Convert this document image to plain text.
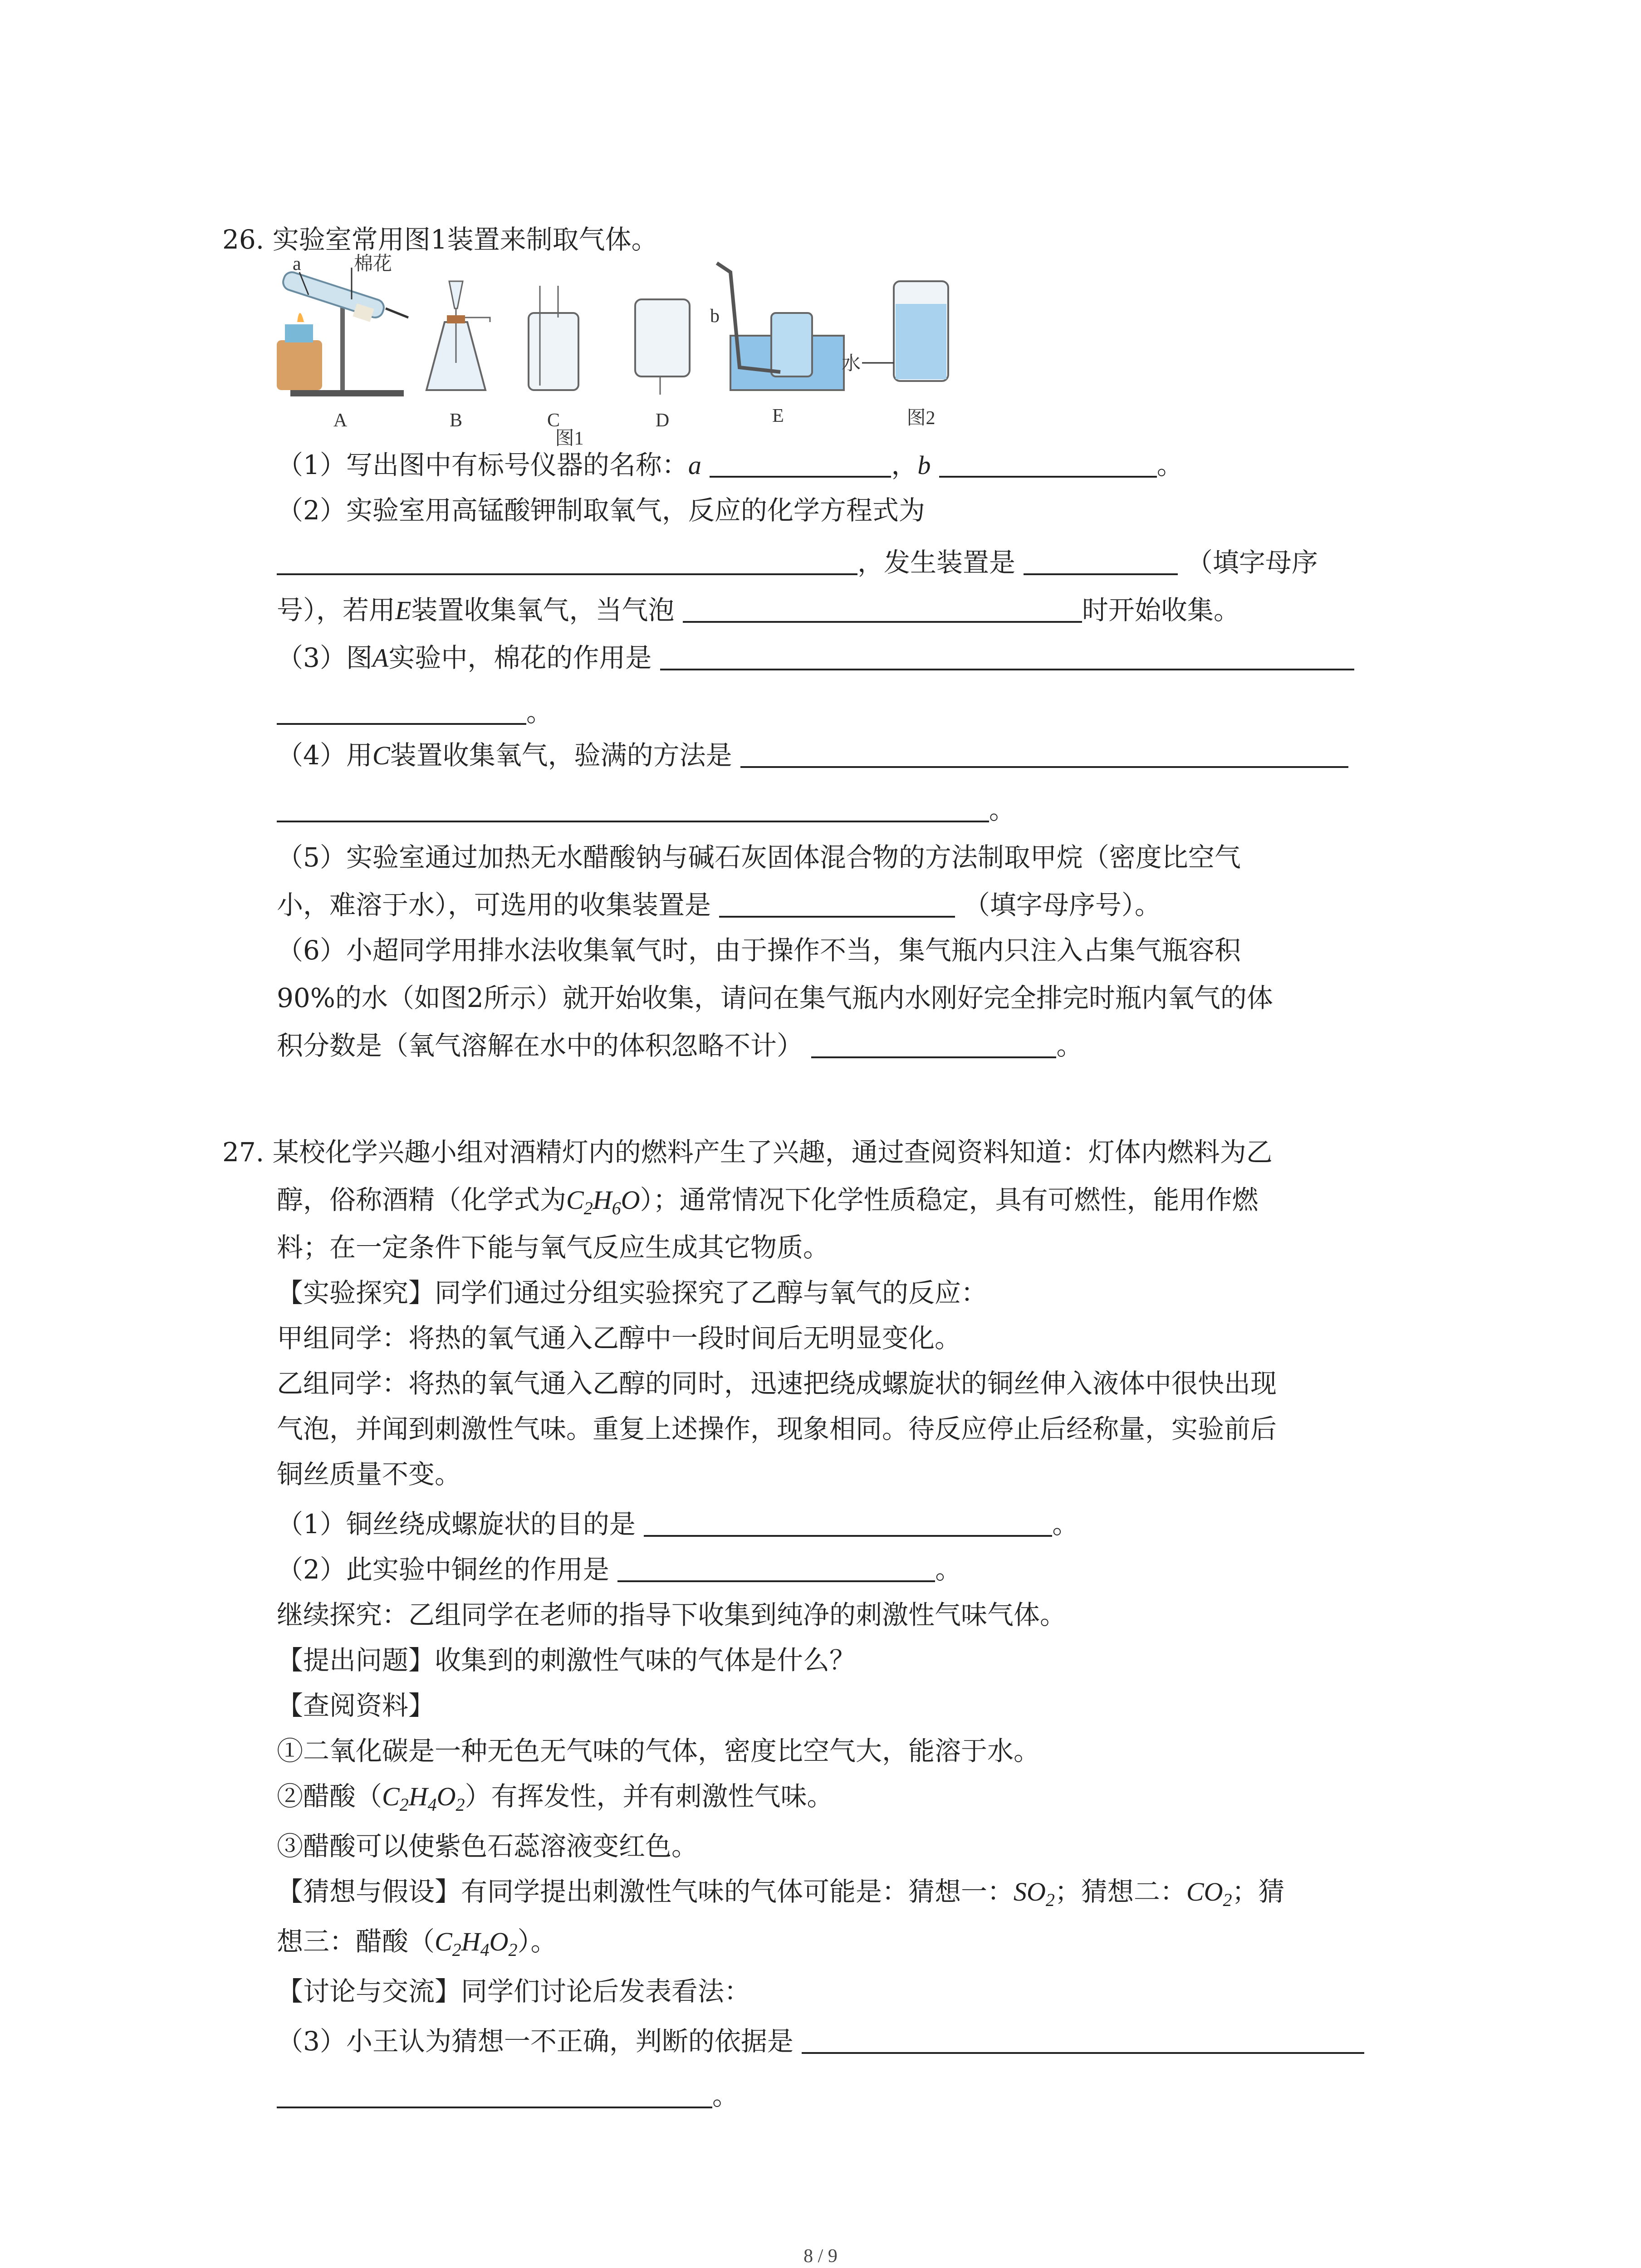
26. 实验室常用图1装置来制取气体。
a	棉花
A	B	C	D
b
E
图1
水
图2
（1）写出图中有标号仪器的名称：a	，b	。
（2）实验室用高锰酸钾制取氧气，反应的化学方程式为
，发生装置是	（填字母序
号），若用E装置收集氧气，当气泡	时开始收集。
（3）图A实验中，棉花的作用是
。
（4）用C装置收集氧气，验满的方法是
。
（5）实验室通过加热无水醋酸钠与碱石灰固体混合物的方法制取甲烷（密度比空气
小，难溶于水），可选用的收集装置是	（填字母序号）。
（6）小超同学用排水法收集氧气时，由于操作不当，集气瓶内只注入占集气瓶容积
90%的水（如图2所示）就开始收集，请问在集气瓶内水刚好完全排完时瓶内氧气的体
积分数是（氧气溶解在水中的体积忽略不计）	。
27. 某校化学兴趣小组对酒精灯内的燃料产生了兴趣，通过查阅资料知道：灯体内燃料为乙
醇，俗称酒精（化学式为$C_2H_6O$）；通常情况下化学性质稳定，具有可燃性，能用作燃
料；在一定条件下能与氧气反应生成其它物质。
【实验探究】同学们通过分组实验探究了乙醇与氧气的反应：
甲组同学：将热的氧气通入乙醇中一段时间后无明显变化。
乙组同学：将热的氧气通入乙醇的同时，迅速把绕成螺旋状的铜丝伸入液体中很快出现
气泡，并闻到刺激性气味。重复上述操作，现象相同。待反应停止后经称量，实验前后
铜丝质量不变。
（1）铜丝绕成螺旋状的目的是	。
（2）此实验中铜丝的作用是	。
继续探究：乙组同学在老师的指导下收集到纯净的刺激性气味气体。
【提出问题】收集到的刺激性气味的气体是什么？
【查阅资料】
①二氧化碳是一种无色无气味的气体，密度比空气大，能溶于水。
②醋酸$(C_2H_4O_2)$有挥发性，并有刺激性气味。
③醋酸可以使紫色石蕊溶液变红色。
【猜想与假设】有同学提出刺激性气味的气体可能是：猜想一：$SO_2$；猜想二：$CO_2$；猜
想三：醋酸$(C_2H_4O_2)$。
【讨论与交流】同学们讨论后发表看法：
（3）小王认为猜想一不正确，判断的依据是
。
8 / 9
